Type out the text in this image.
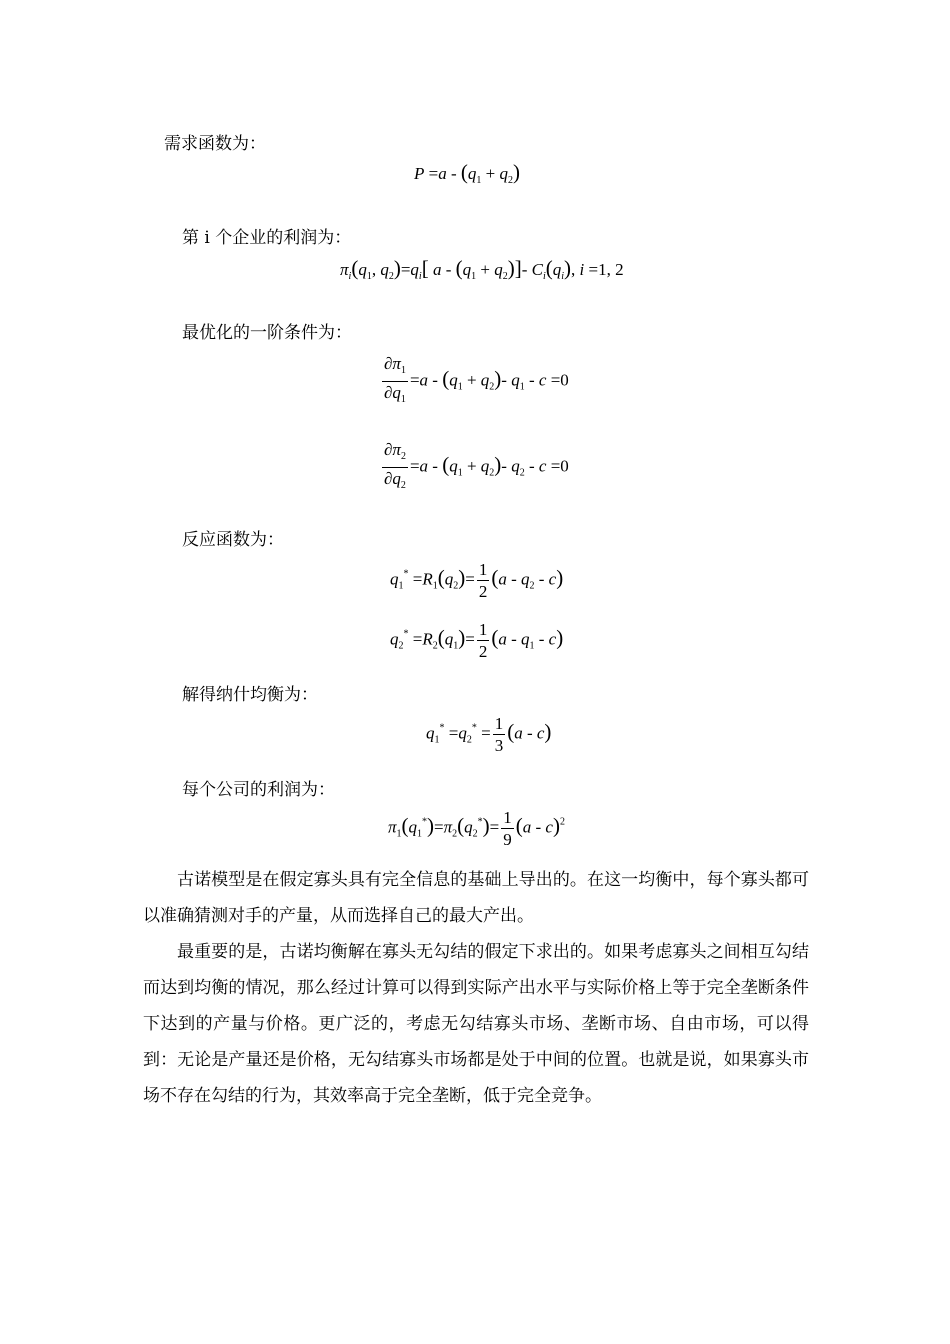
需求函数为：
$P =a - (q_1 + q_2)$
第 i 个企业的利润为：
$\pi_i(q_1$, $q_2)=q_i$[ $a - (q_1 + q_2)]-$ $C_i(q_i)$, i =1, 2
最优化的一阶条件为：
$\frac{\partial\pi_1}{\partial q_1} =a - (q_1 + q_2)-$ $q_1 - c =0$
$\frac{\partial\pi_2}{\partial q_2} =a - (q_1 + q_2)-$ $q_2 - c =0$
反应函数为：
$q_1^* =R_1(q_2)= \frac{1}{2} (a - q_2 - c)$
$q_2^* =R_2(q_1)= \frac{1}{2} (a - q_1 - c)$
解得纳什均衡为：
$q_1^* =q_2^* = \frac{1}{3} (a - c)$
每个公司的利润为：
$\pi_1(q_1^*)=\pi_2(q_2^*)= \frac{1}{9} (a - c)^2$
古诺模型是在假定寡头具有完全信息的基础上导出的。在这一均衡中，每个寡头都可以准确猜测对手的产量，从而选择自己的最大产出。
最重要的是，古诺均衡解在寡头无勾结的假定下求出的。如果考虑寡头之间相互勾结而达到均衡的情况，那么经过计算可以得到实际产出水平与实际价格上等于完全垄断条件下达到的产量与价格。更广泛的，考虑无勾结寡头市场、垄断市场、自由市场，可以得到：无论是产量还是价格，无勾结寡头市场都是处于中间的位置。也就是说，如果寡头市场不存在勾结的行为，其效率高于完全垄断，低于完全竞争。
